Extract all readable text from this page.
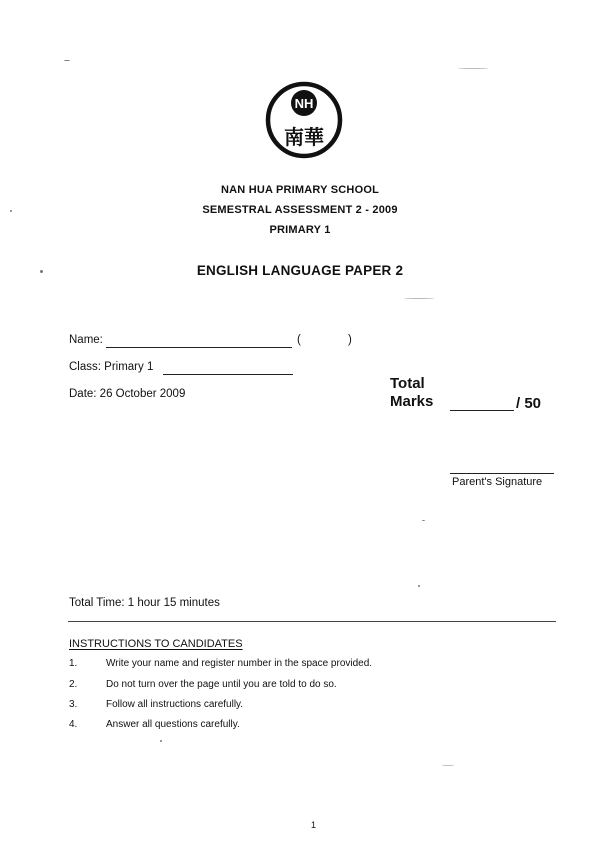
NH
南華
NAN HUA PRIMARY SCHOOL
SEMESTRAL ASSESSMENT 2 - 2009
PRIMARY 1
ENGLISH LANGUAGE PAPER 2
Name:	(	)
Class: Primary 1
Date: 26 October 2009
Total
Marks	/ 50
Parent's Signature
Total Time: 1 hour 15 minutes
INSTRUCTIONS TO CANDIDATES
1.	Write your name and register number in the space provided.
2.	Do not turn over the page until you are told to do so.
3.	Follow all instructions carefully.
4.	Answer all questions carefully.
1
